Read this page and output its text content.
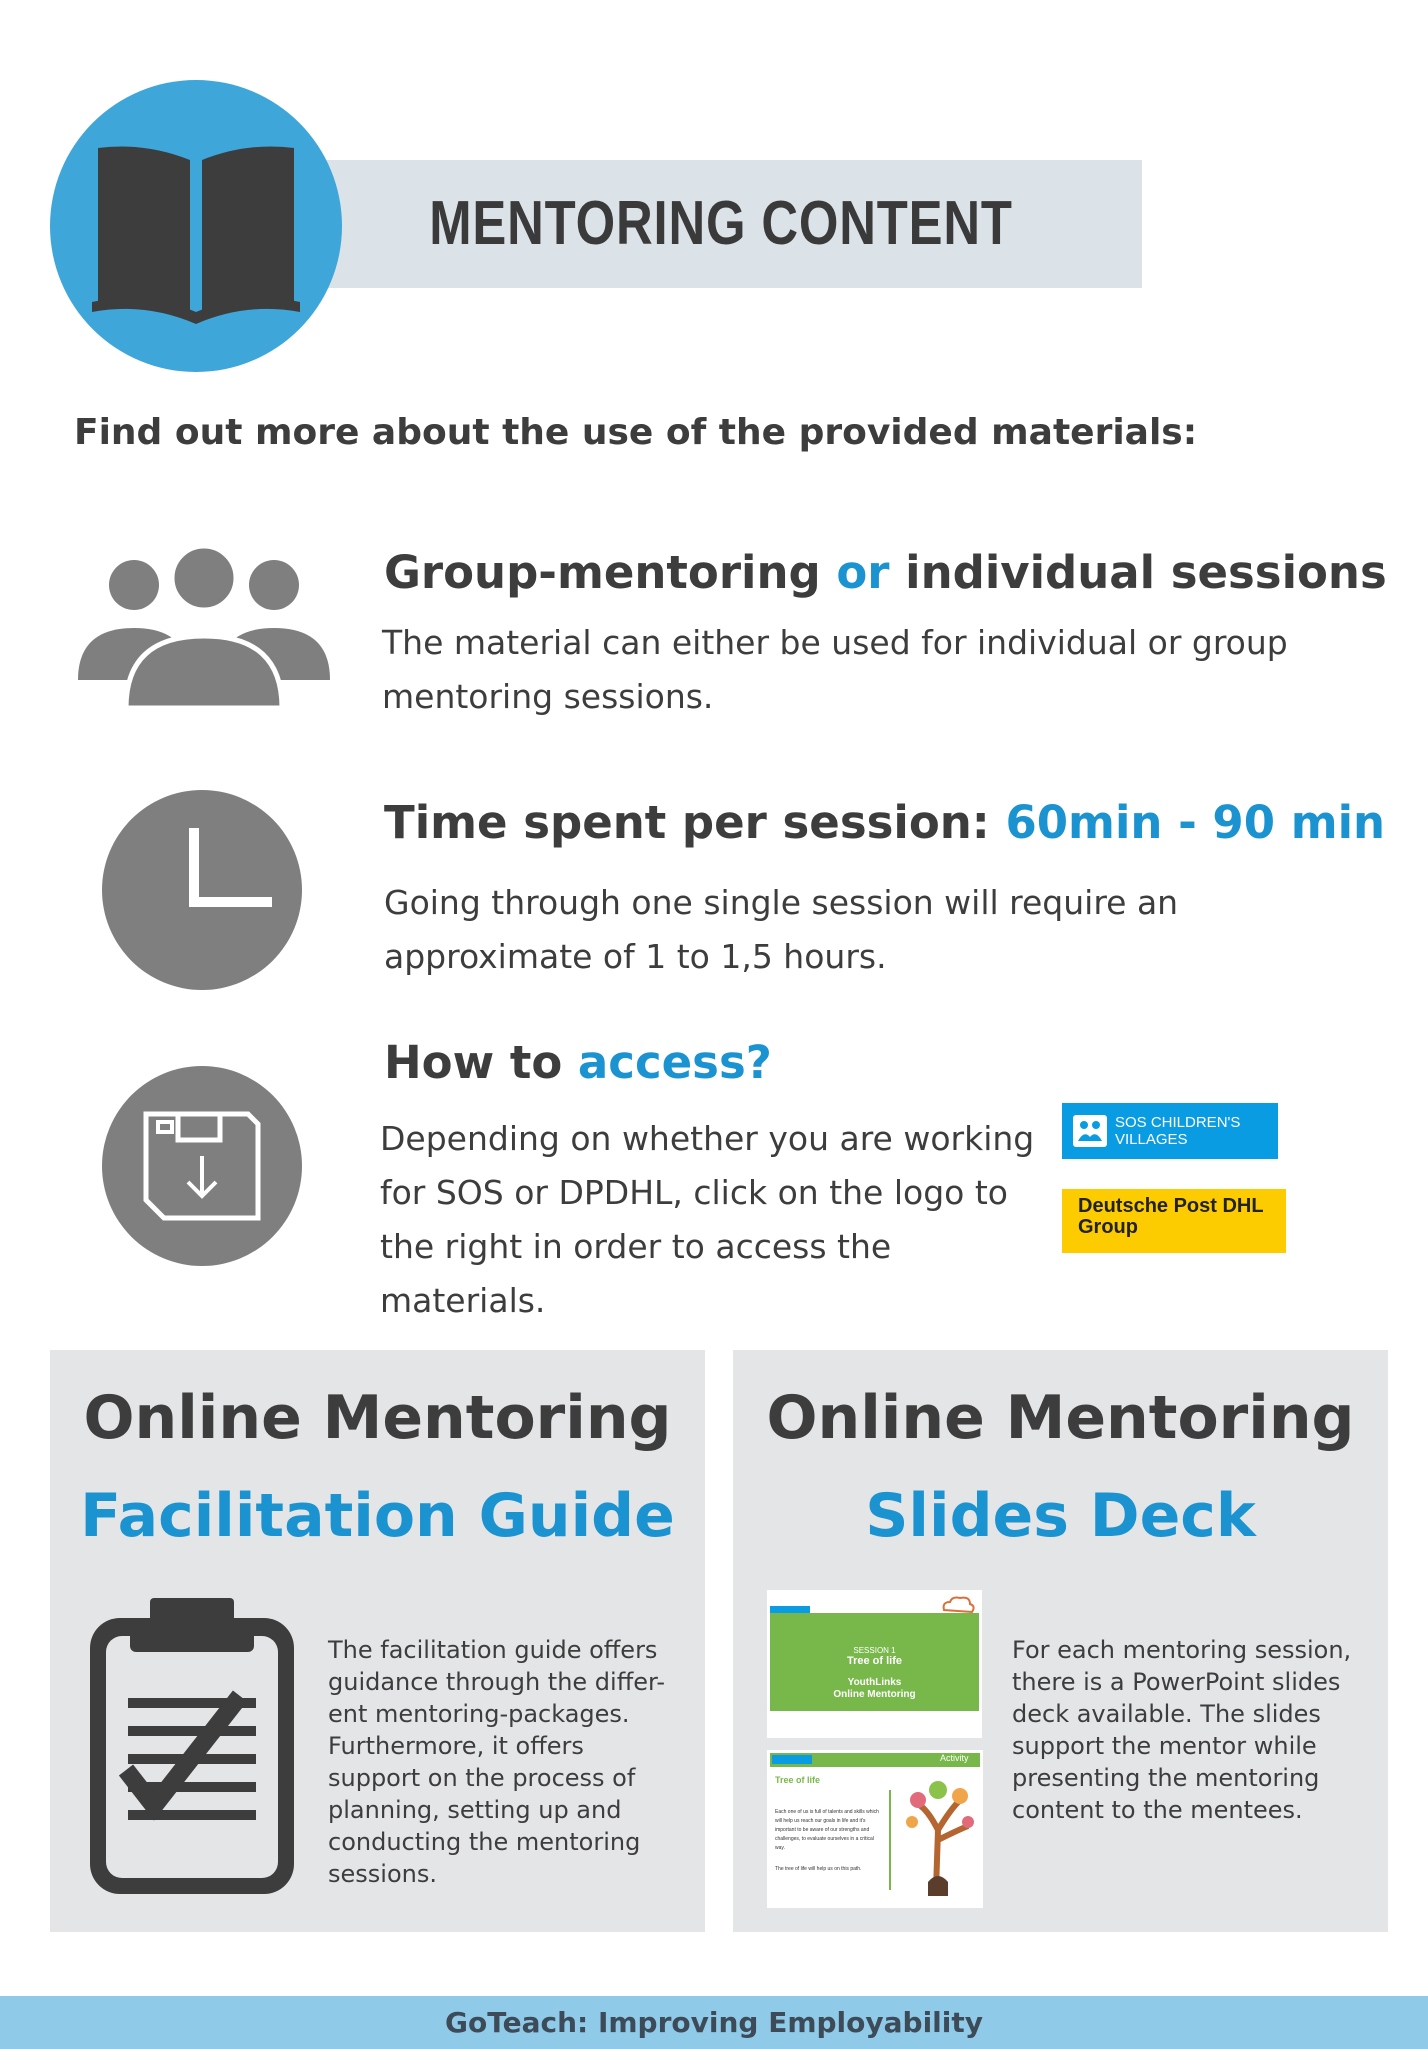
MENTORING CONTENT
Find out more about the use of the provided materials:
Group-mentoring or individual sessions
The material can either be used for individual or group
mentoring sessions.
Time spent per session: 60min - 90 min
Going through one single session will require an
approximate of 1 to 1,5 hours.
How to access?
Depending on whether you are working
for SOS or DPDHL, click on the logo to
the right in order to access the
materials.
SOS CHILDREN'S
VILLAGES
Deutsche Post DHL
Group
Online Mentoring
Facilitation Guide
The facilitation guide offers
guidance through the differ-
ent mentoring-packages.
Furthermore, it offers
support on the process of
planning, setting up and
conducting the mentoring
sessions.
Online Mentoring
Slides Deck
SESSION 1
Tree of life
YouthLinks
Online Mentoring
Activity
Tree of life
Each one of us is full of talents and skills which will help us reach our goals in life and it's important to be aware of our strengths and challenges, to evaluate ourselves in a critical way.
The tree of life will help us on this path.
For each mentoring session,
there is a PowerPoint slides
deck available. The slides
support the mentor while
presenting the mentoring
content to the mentees.
GoTeach: Improving Employability
